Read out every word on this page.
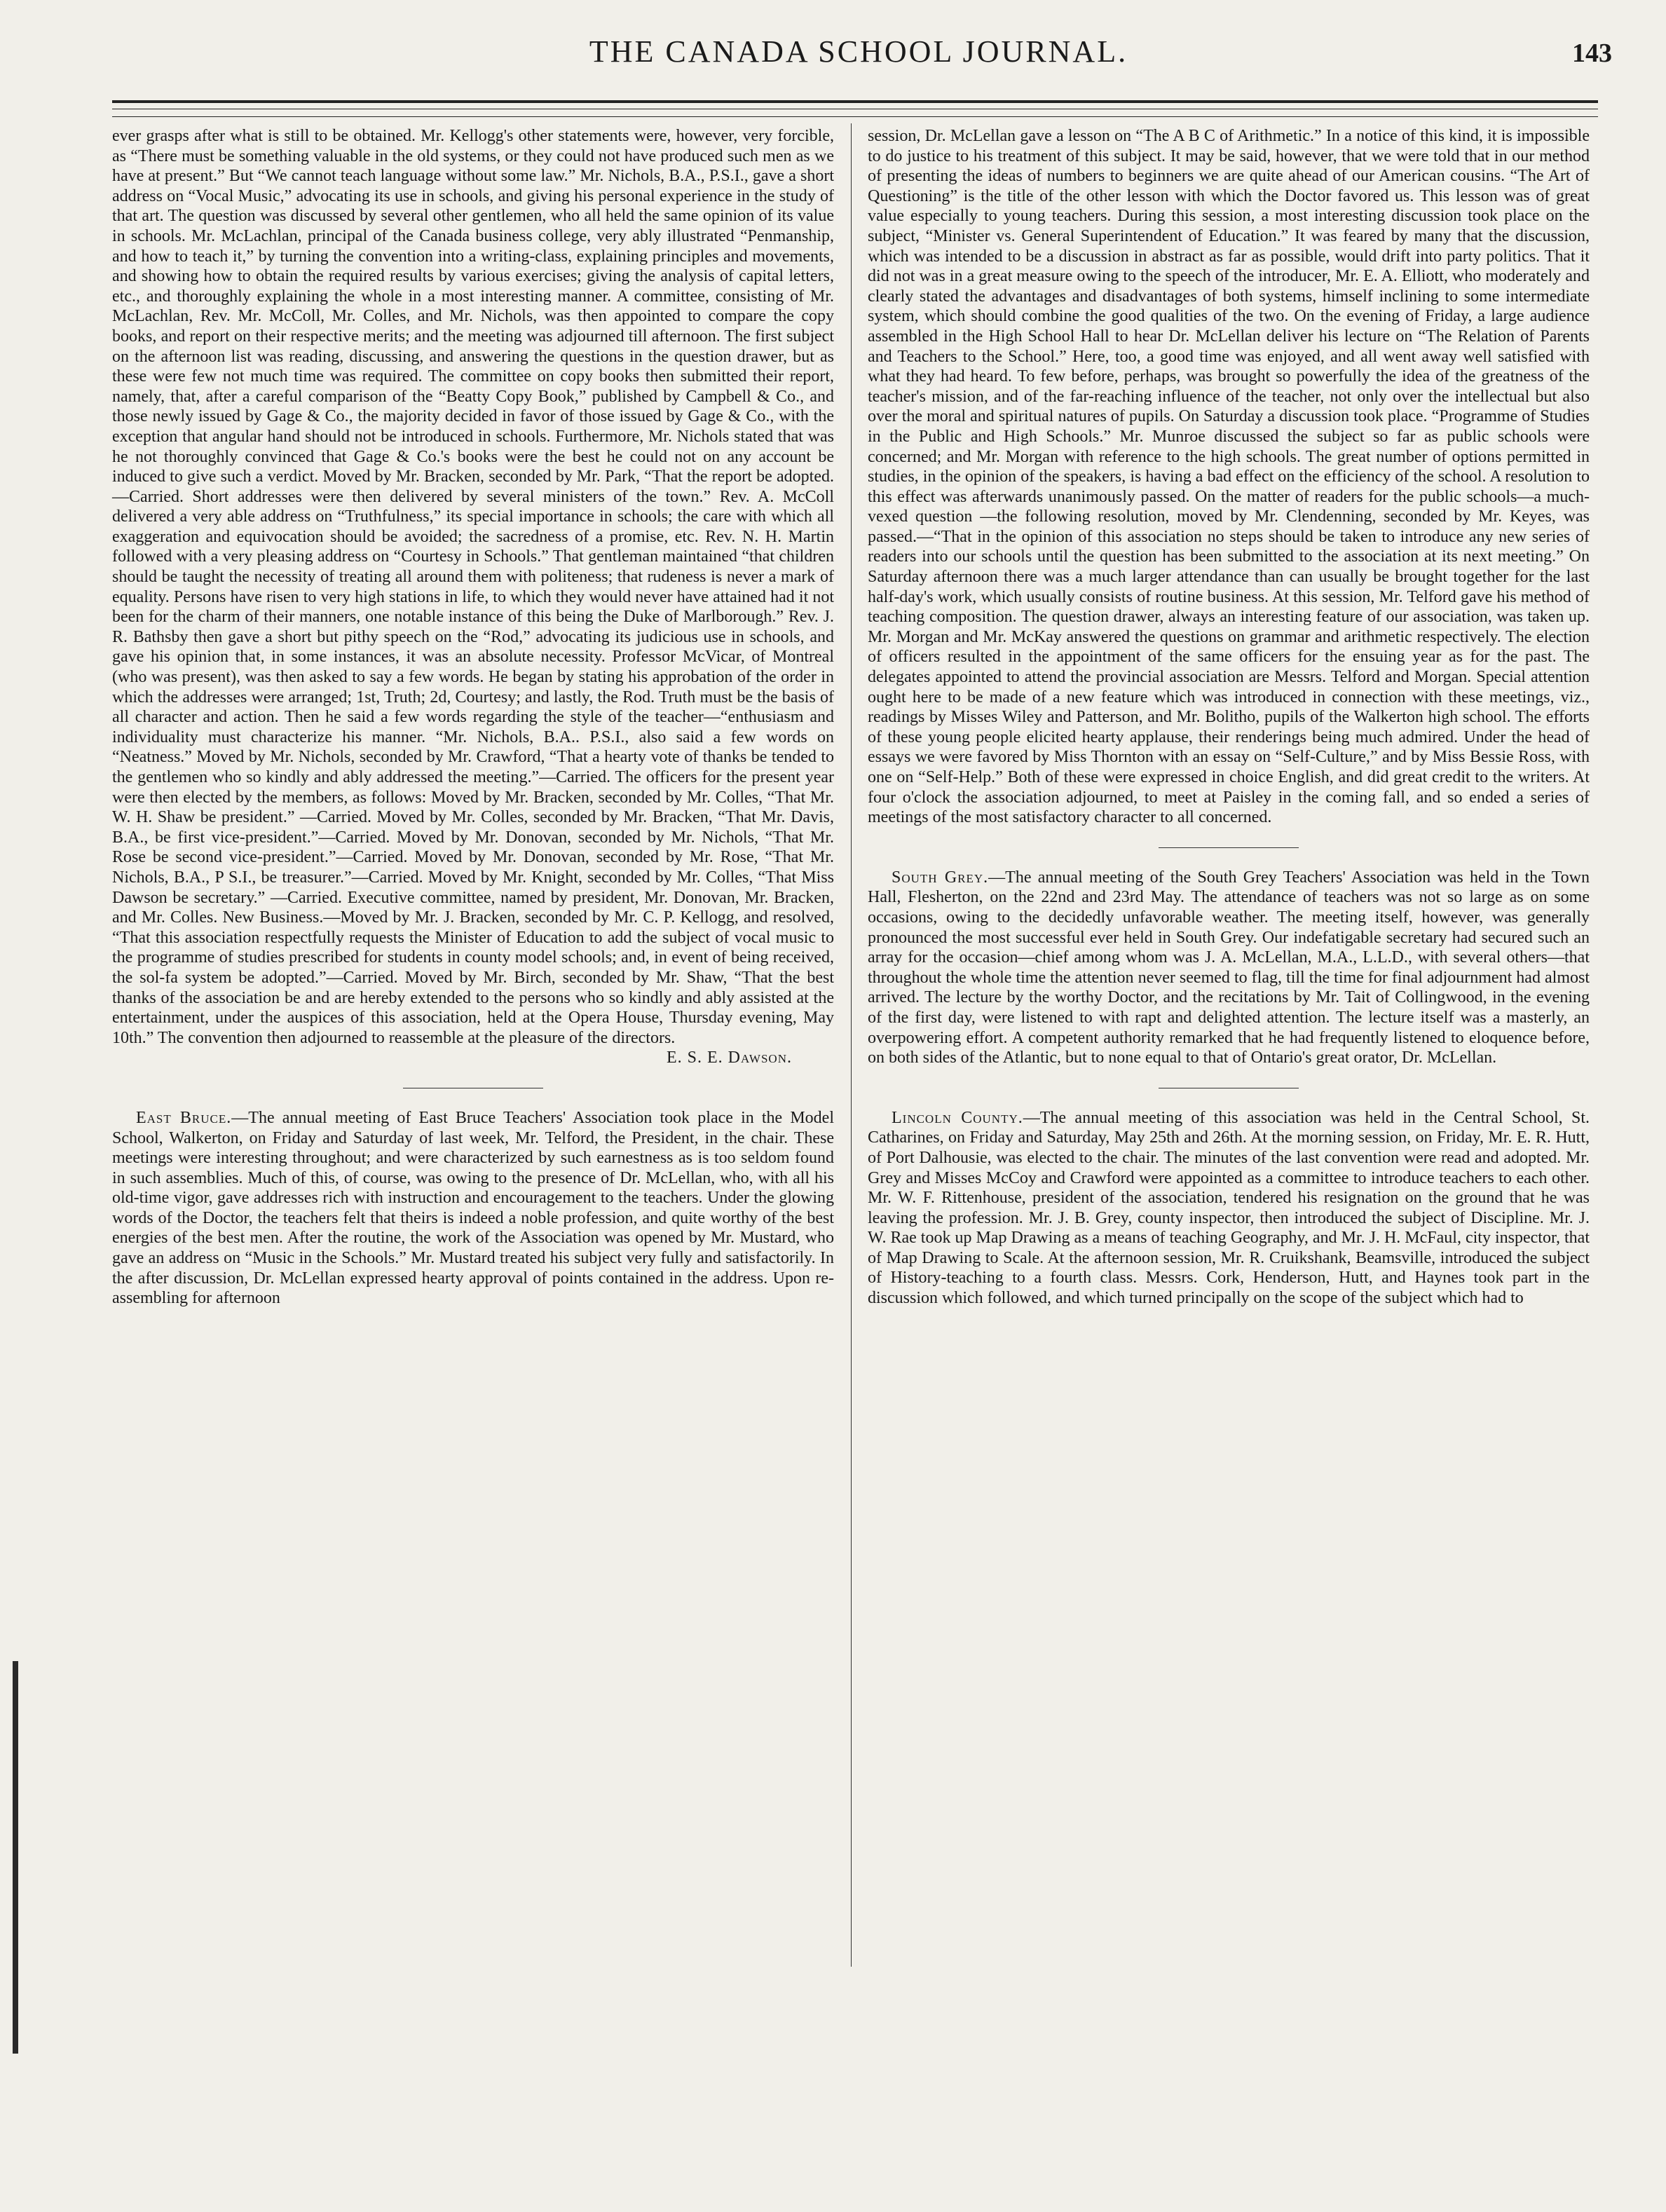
THE CANADA SCHOOL JOURNAL.	143

ever grasps after what is still to be obtained. Mr. Kellogg's other statements were, however, very forcible, as “There must be something valuable in the old systems, or they could not have produced such men as we have at present.” But “We cannot teach language without some law.” Mr. Nichols, B.A., P.S.I., gave a short address on “Vocal Music,” advocating its use in schools, and giving his personal experience in the study of that art. The question was discussed by several other gentlemen, who all held the same opinion of its value in schools. Mr. McLachlan, principal of the Canada business college, very ably illustrated “Penmanship, and how to teach it,” by turning the convention into a writing-class, explaining principles and movements, and showing how to obtain the required results by various exercises; giving the analysis of capital letters, etc., and thoroughly explaining the whole in a most interesting manner. A committee, consisting of Mr. McLachlan, Rev. Mr. McColl, Mr. Colles, and Mr. Nichols, was then appointed to compare the copy books, and report on their respective merits; and the meeting was adjourned till afternoon. The first subject on the afternoon list was reading, discussing, and answering the questions in the question drawer, but as these were few not much time was required. The committee on copy books then submitted their report, namely, that, after a careful comparison of the “Beatty Copy Book,” published by Campbell & Co., and those newly issued by Gage & Co., the majority decided in favor of those issued by Gage & Co., with the exception that angular hand should not be introduced in schools. Furthermore, Mr. Nichols stated that was he not thoroughly convinced that Gage & Co.'s books were the best he could not on any account be induced to give such a verdict. Moved by Mr. Bracken, seconded by Mr. Park, “That the report be adopted.—Carried. Short addresses were then delivered by several ministers of the town.” Rev. A. McColl delivered a very able address on “Truthfulness,” its special importance in schools; the care with which all exaggeration and equivocation should be avoided; the sacredness of a promise, etc. Rev. N. H. Martin followed with a very pleasing address on “Courtesy in Schools.” That gentleman maintained “that children should be taught the necessity of treating all around them with politeness; that rudeness is never a mark of equality. Persons have risen to very high stations in life, to which they would never have attained had it not been for the charm of their manners, one notable instance of this being the Duke of Marlborough.” Rev. J. R. Bathsby then gave a short but pithy speech on the “Rod,” advocating its judicious use in schools, and gave his opinion that, in some instances, it was an absolute necessity. Professor McVicar, of Montreal (who was present), was then asked to say a few words. He began by stating his approbation of the order in which the addresses were arranged; 1st, Truth; 2d, Courtesy; and lastly, the Rod. Truth must be the basis of all character and action. Then he said a few words regarding the style of the teacher—“enthusiasm and individuality must characterize his manner. “Mr. Nichols, B.A.. P.S.I., also said a few words on “Neatness.” Moved by Mr. Nichols, seconded by Mr. Crawford, “That a hearty vote of thanks be tended to the gentlemen who so kindly and ably addressed the meeting.”—Carried. The officers for the present year were then elected by the members, as follows: Moved by Mr. Bracken, seconded by Mr. Colles, “That Mr. W. H. Shaw be president.” —Carried. Moved by Mr. Colles, seconded by Mr. Bracken, “That Mr. Davis, B.A., be first vice-president.”—Carried. Moved by Mr. Donovan, seconded by Mr. Nichols, “That Mr. Rose be second vice-president.”—Carried. Moved by Mr. Donovan, seconded by Mr. Rose, “That Mr. Nichols, B.A., P S.I., be treasurer.”—Carried. Moved by Mr. Knight, seconded by Mr. Colles, “That Miss Dawson be secretary.” —Carried. Executive committee, named by president, Mr. Donovan, Mr. Bracken, and Mr. Colles. New Business.—Moved by Mr. J. Bracken, seconded by Mr. C. P. Kellogg, and resolved, “That this association respectfully requests the Minister of Education to add the subject of vocal music to the programme of studies prescribed for students in county model schools; and, in event of being received, the sol-fa system be adopted.”—Carried. Moved by Mr. Birch, seconded by Mr. Shaw, “That the best thanks of the association be and are hereby extended to the persons who so kindly and ably assisted at the entertainment, under the auspices of this association, held at the Opera House, Thursday evening, May 10th.” The convention then adjourned to reassemble at the pleasure of the directors.

E. S. E. Dawson.

East Bruce.—The annual meeting of East Bruce Teachers' Association took place in the Model School, Walkerton, on Friday and Saturday of last week, Mr. Telford, the President, in the chair. These meetings were interesting throughout; and were characterized by such earnestness as is too seldom found in such assemblies. Much of this, of course, was owing to the presence of Dr. McLellan, who, with all his old-time vigor, gave addresses rich with instruction and encouragement to the teachers. Under the glowing words of the Doctor, the teachers felt that theirs is indeed a noble profession, and quite worthy of the best energies of the best men. After the routine, the work of the Association was opened by Mr. Mustard, who gave an address on “Music in the Schools.” Mr. Mustard treated his subject very fully and satisfactorily. In the after discussion, Dr. McLellan expressed hearty approval of points contained in the address. Upon re-assembling for afternoon

session, Dr. McLellan gave a lesson on “The A B C of Arithmetic.” In a notice of this kind, it is impossible to do justice to his treatment of this subject. It may be said, however, that we were told that in our method of presenting the ideas of numbers to beginners we are quite ahead of our American cousins. “The Art of Questioning” is the title of the other lesson with which the Doctor favored us. This lesson was of great value especially to young teachers. During this session, a most interesting discussion took place on the subject, “Minister vs. General Superintendent of Education.” It was feared by many that the discussion, which was intended to be a discussion in abstract as far as possible, would drift into party politics. That it did not was in a great measure owing to the speech of the introducer, Mr. E. A. Elliott, who moderately and clearly stated the advantages and disadvantages of both systems, himself inclining to some intermediate system, which should combine the good qualities of the two. On the evening of Friday, a large audience assembled in the High School Hall to hear Dr. McLellan deliver his lecture on “The Relation of Parents and Teachers to the School.” Here, too, a good time was enjoyed, and all went away well satisfied with what they had heard. To few before, perhaps, was brought so powerfully the idea of the greatness of the teacher's mission, and of the far-reaching influence of the teacher, not only over the intellectual but also over the moral and spiritual natures of pupils. On Saturday a discussion took place. “Programme of Studies in the Public and High Schools.” Mr. Munroe discussed the subject so far as public schools were concerned; and Mr. Morgan with reference to the high schools. The great number of options permitted in studies, in the opinion of the speakers, is having a bad effect on the efficiency of the school. A resolution to this effect was afterwards unanimously passed. On the matter of readers for the public schools—a much-vexed question —the following resolution, moved by Mr. Clendenning, seconded by Mr. Keyes, was passed.—“That in the opinion of this association no steps should be taken to introduce any new series of readers into our schools until the question has been submitted to the association at its next meeting.” On Saturday afternoon there was a much larger attendance than can usually be brought together for the last half-day's work, which usually consists of routine business. At this session, Mr. Telford gave his method of teaching composition. The question drawer, always an interesting feature of our association, was taken up. Mr. Morgan and Mr. McKay answered the questions on grammar and arithmetic respectively. The election of officers resulted in the appointment of the same officers for the ensuing year as for the past. The delegates appointed to attend the provincial association are Messrs. Telford and Morgan. Special attention ought here to be made of a new feature which was introduced in connection with these meetings, viz., readings by Misses Wiley and Patterson, and Mr. Bolitho, pupils of the Walkerton high school. The efforts of these young people elicited hearty applause, their renderings being much admired. Under the head of essays we were favored by Miss Thornton with an essay on “Self-Culture,” and by Miss Bessie Ross, with one on “Self-Help.” Both of these were expressed in choice English, and did great credit to the writers. At four o'clock the association adjourned, to meet at Paisley in the coming fall, and so ended a series of meetings of the most satisfactory character to all concerned.

South Grey.—The annual meeting of the South Grey Teachers' Association was held in the Town Hall, Flesherton, on the 22nd and 23rd May. The attendance of teachers was not so large as on some occasions, owing to the decidedly unfavorable weather. The meeting itself, however, was generally pronounced the most successful ever held in South Grey. Our indefatigable secretary had secured such an array for the occasion—chief among whom was J. A. McLellan, M.A., L.L.D., with several others—that throughout the whole time the attention never seemed to flag, till the time for final adjournment had almost arrived. The lecture by the worthy Doctor, and the recitations by Mr. Tait of Collingwood, in the evening of the first day, were listened to with rapt and delighted attention. The lecture itself was a masterly, an overpowering effort. A competent authority remarked that he had frequently listened to eloquence before, on both sides of the Atlantic, but to none equal to that of Ontario's great orator, Dr. McLellan.

Lincoln County.—The annual meeting of this association was held in the Central School, St. Catharines, on Friday and Saturday, May 25th and 26th. At the morning session, on Friday, Mr. E. R. Hutt, of Port Dalhousie, was elected to the chair. The minutes of the last convention were read and adopted. Mr. Grey and Misses McCoy and Crawford were appointed as a committee to introduce teachers to each other. Mr. W. F. Rittenhouse, president of the association, tendered his resignation on the ground that he was leaving the profession. Mr. J. B. Grey, county inspector, then introduced the subject of Discipline. Mr. J. W. Rae took up Map Drawing as a means of teaching Geography, and Mr. J. H. McFaul, city inspector, that of Map Drawing to Scale. At the afternoon session, Mr. R. Cruikshank, Beamsville, introduced the subject of History-teaching to a fourth class. Messrs. Cork, Henderson, Hutt, and Haynes took part in the discussion which followed, and which turned principally on the scope of the subject which had to
